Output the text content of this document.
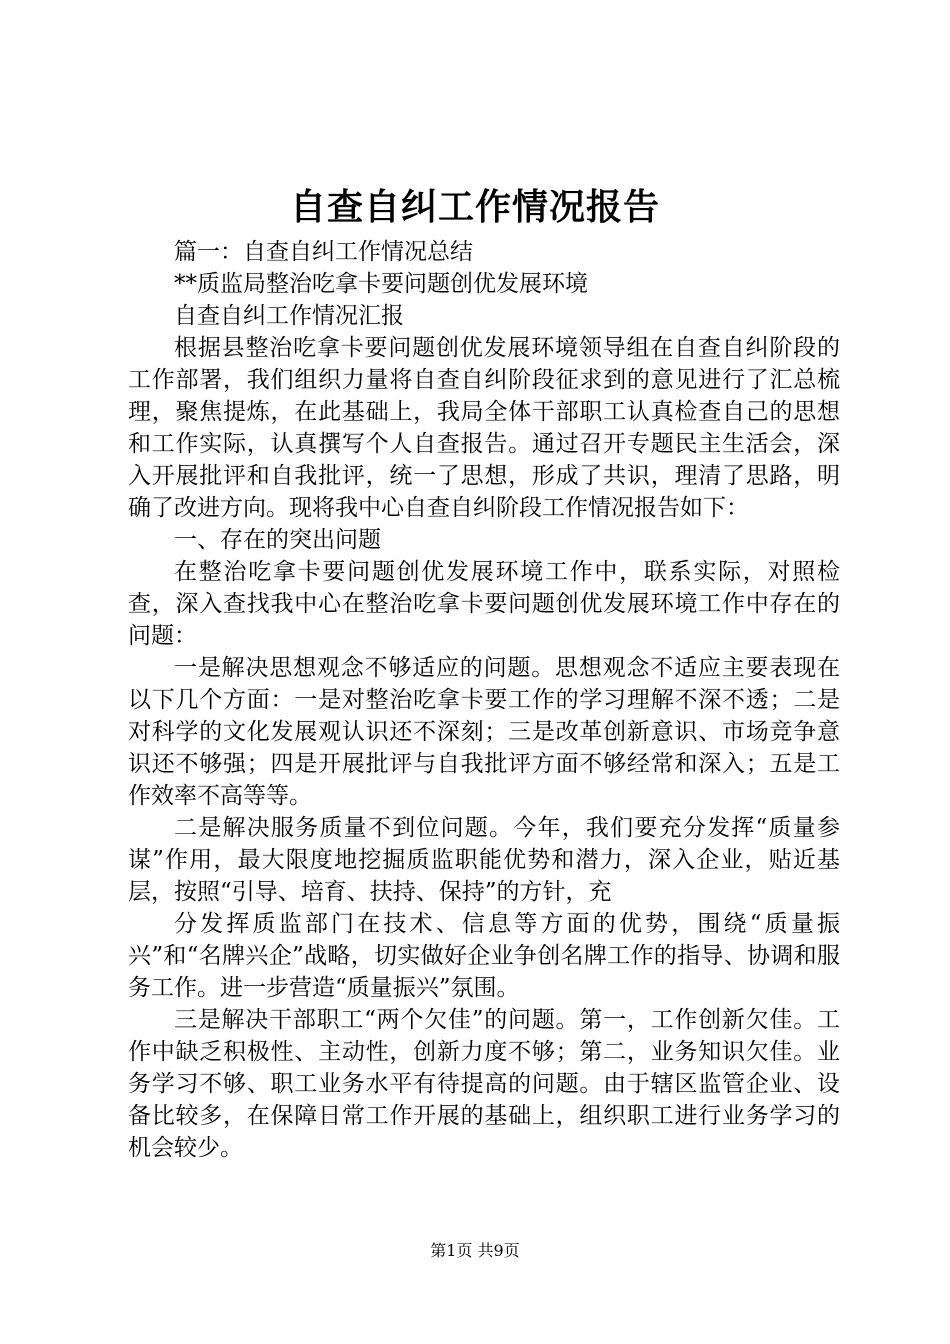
自查自纠工作情况报告

篇一：自查自纠工作情况总结

**质监局整治吃拿卡要问题创优发展环境

自查自纠工作情况汇报

根据县整治吃拿卡要问题创优发展环境领导组在自查自纠阶段的工作部署，我们组织力量将自查自纠阶段征求到的意见进行了汇总梳理，聚焦提炼，在此基础上，我局全体干部职工认真检查自己的思想和工作实际，认真撰写个人自查报告。通过召开专题民主生活会，深入开展批评和自我批评，统一了思想，形成了共识，理清了思路，明确了改进方向。现将我中心自查自纠阶段工作情况报告如下：

一、存在的突出问题

在整治吃拿卡要问题创优发展环境工作中，联系实际，对照检查，深入查找我中心在整治吃拿卡要问题创优发展环境工作中存在的问题：

一是解决思想观念不够适应的问题。思想观念不适应主要表现在以下几个方面：一是对整治吃拿卡要工作的学习理解不深不透；二是对科学的文化发展观认识还不深刻；三是改革创新意识、市场竞争意识还不够强；四是开展批评与自我批评方面不够经常和深入；五是工作效率不高等等。

二是解决服务质量不到位问题。今年，我们要充分发挥“质量参谋”作用，最大限度地挖掘质监职能优势和潜力，深入企业，贴近基层，按照“引导、培育、扶持、保持”的方针，充

分发挥质监部门在技术、信息等方面的优势，围绕“质量振兴”和“名牌兴企”战略，切实做好企业争创名牌工作的指导、协调和服务工作。进一步营造“质量振兴”氛围。

三是解决干部职工“两个欠佳”的问题。第一，工作创新欠佳。工作中缺乏积极性、主动性，创新力度不够；第二，业务知识欠佳。业务学习不够、职工业务水平有待提高的问题。由于辖区监管企业、设备比较多，在保障日常工作开展的基础上，组织职工进行业务学习的机会较少。

第1页 共9页
